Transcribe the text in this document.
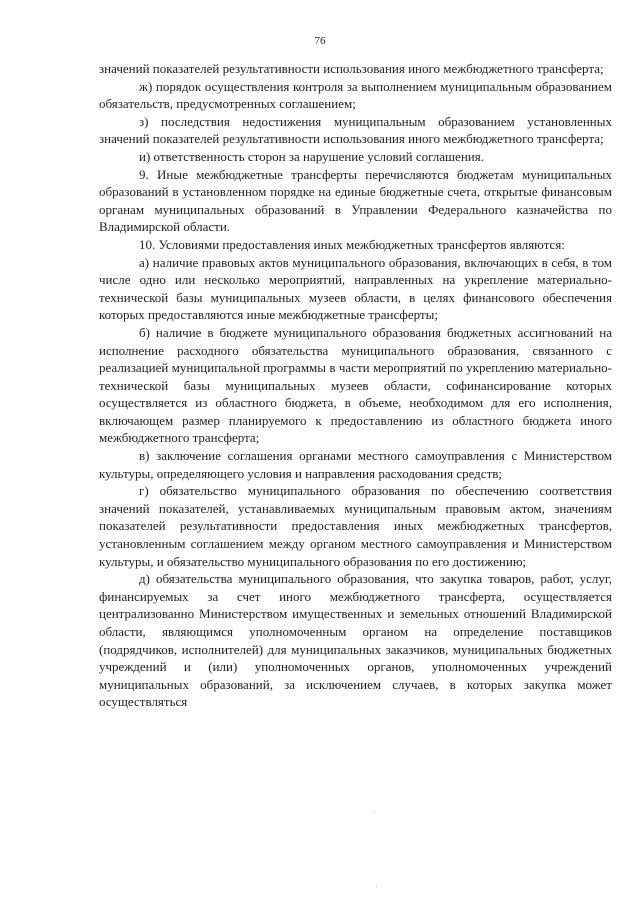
76

значений показателей результативности использования иного межбюджетного трансферта;

ж) порядок осуществления контроля за выполнением муниципальным образованием обязательств, предусмотренных соглашением;

з) последствия недостижения муниципальным образованием установленных значений показателей результативности использования иного межбюджетного трансферта;

и) ответственность сторон за нарушение условий соглашения.

9. Иные межбюджетные трансферты перечисляются бюджетам муниципальных образований в установленном порядке на единые бюджетные счета, открытые финансовым органам муниципальных образований в Управлении Федерального казначейства по Владимирской области.

10. Условиями предоставления иных межбюджетных трансфертов являются:

а) наличие правовых актов муниципального образования, включающих в себя, в том числе одно или несколько мероприятий, направленных на укрепление материально-технической базы муниципальных музеев области, в целях финансового обеспечения которых предоставляются иные межбюджетные трансферты;

б) наличие в бюджете муниципального образования бюджетных ассигнований на исполнение расходного обязательства муниципального образования, связанного с реализацией муниципальной программы в части мероприятий по укреплению материально-технической базы муниципальных музеев области, софинансирование которых осуществляется из областного бюджета, в объеме, необходимом для его исполнения, включающем размер планируемого к предоставлению из областного бюджета иного межбюджетного трансферта;

в) заключение соглашения органами местного самоуправления с Министерством культуры, определяющего условия и направления расходования средств;

г) обязательство муниципального образования по обеспечению соответствия значений показателей, устанавливаемых муниципальным правовым актом, значениям показателей результативности предоставления иных межбюджетных трансфертов, установленным соглашением между органом местного самоуправления и Министерством культуры, и обязательство муниципального образования по его достижению;

д) обязательства муниципального образования, что закупка товаров, работ, услуг, финансируемых за счет иного межбюджетного трансферта, осуществляется централизованно Министерством имущественных и земельных отношений Владимирской области, являющимся уполномоченным органом на определение поставщиков (подрядчиков, исполнителей) для муниципальных заказчиков, муниципальных бюджетных учреждений и (или) уполномоченных органов, уполномоченных учреждений муниципальных образований, за исключением случаев, в которых закупка может осуществляться
